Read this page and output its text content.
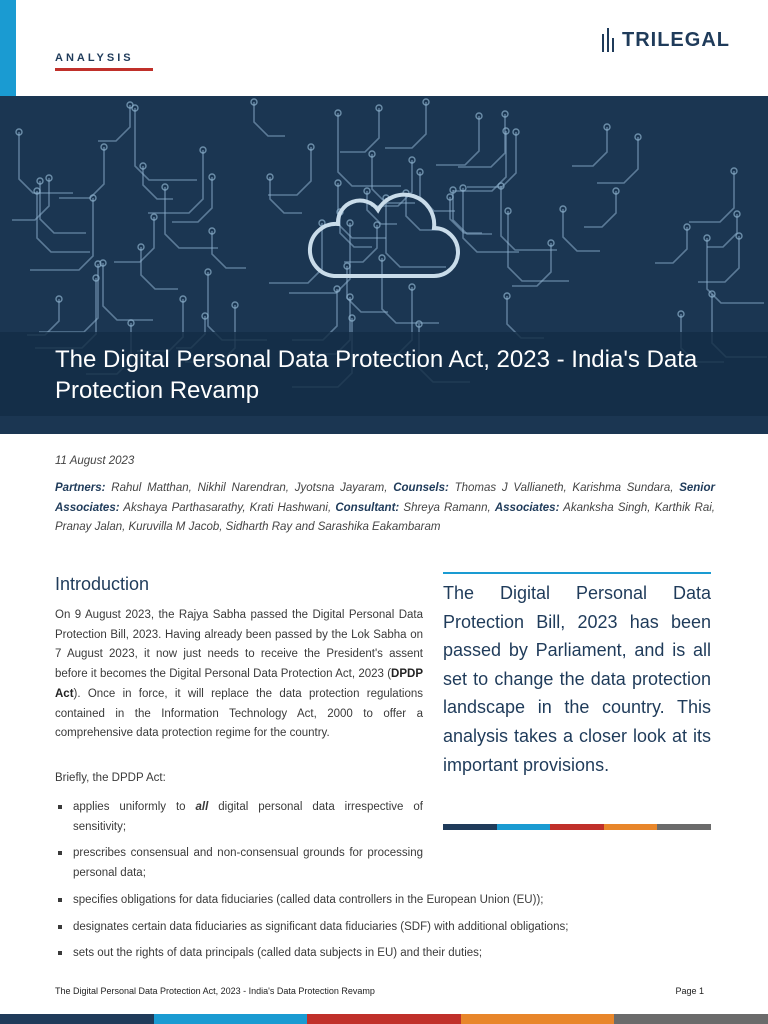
ANALYSIS
TRILEGAL
The Digital Personal Data Protection Act, 2023 - India's Data Protection Revamp
11 August 2023
Partners: Rahul Matthan, Nikhil Narendran, Jyotsna Jayaram, Counsels: Thomas J Vallianeth, Karishma Sundara, Senior Associates: Akshaya Parthasarathy, Krati Hashwani, Consultant: Shreya Ramann, Associates: Akanksha Singh, Karthik Rai, Pranay Jalan, Kuruvilla M Jacob, Sidharth Ray and Sarashika Eakambaram
Introduction
On 9 August 2023, the Rajya Sabha passed the Digital Personal Data Protection Bill, 2023. Having already been passed by the Lok Sabha on 7 August 2023, it now just needs to receive the President's assent before it becomes the Digital Personal Data Protection Act, 2023 (DPDP Act). Once in force, it will replace the data protection regulations contained in the Information Technology Act, 2000 to offer a comprehensive data protection regime for the country.
Briefly, the DPDP Act:
applies uniformly to all digital personal data irrespective of sensitivity;
prescribes consensual and non-consensual grounds for processing personal data;
specifies obligations for data fiduciaries (called data controllers in the European Union (EU));
designates certain data fiduciaries as significant data fiduciaries (SDF) with additional obligations;
sets out the rights of data principals (called data subjects in EU) and their duties;
The Digital Personal Data Protection Bill, 2023 has been passed by Parliament, and is all set to change the data protection landscape in the country. This analysis takes a closer look at its important provisions.
The Digital Personal Data Protection Act, 2023 - India's Data Protection Revamp	Page 1
